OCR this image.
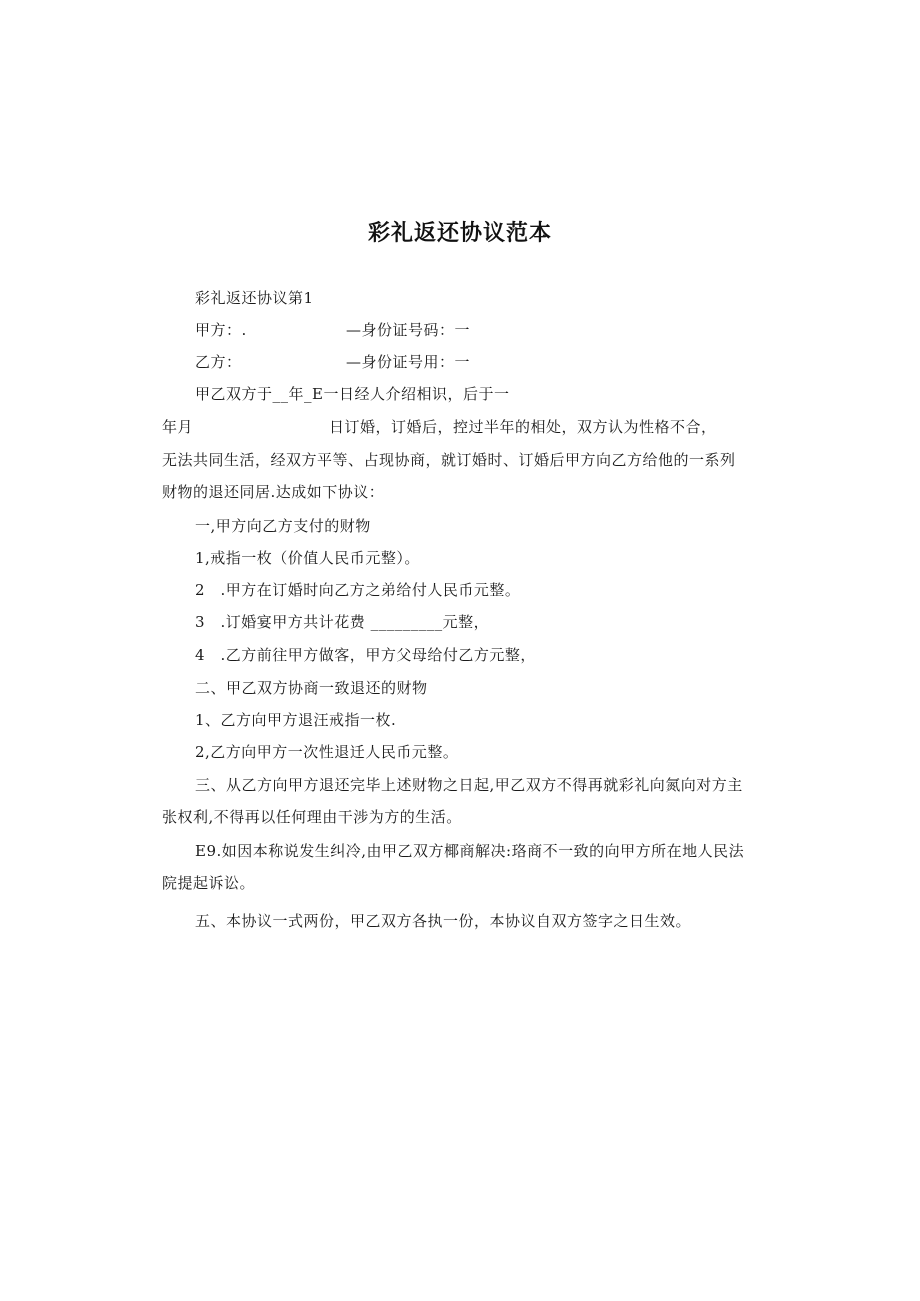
彩礼返还协议范本
彩礼返还协议第1
甲方：.	—身份证号码：一
乙方：	—身份证号用：一
甲乙双方于__年_E一日经人介绍相识，后于一
年月	日订婚，订婚后，控过半年的相处，双方认为性格不合，
无法共同生活，经双方平等、占现协商，就订婚时、订婚后甲方向乙方给他的一系列
财物的退还同居.达成如下协议：
一,甲方向乙方支付的财物
1,戒指一枚（价值人民币元整）。
2　.甲方在订婚时向乙方之弟给付人民币元整。
3　.订婚宴甲方共计花费 _________元整，
4　.乙方前往甲方做客，甲方父母给付乙方元整，
二、甲乙双方协商一致退还的财物
1、乙方向甲方退汪戒指一枚.
2,乙方向甲方一次性退迁人民币元整。
三、从乙方向甲方退还完毕上述财物之日起,甲乙双方不得再就彩礼向氮向对方主
张权利,不得再以任何理由干涉为方的生活。
E9.如因本称说发生纠冷,由甲乙双方椰商解决:珞商不一致的向甲方所在地人民法
院提起诉讼。
五、本协议一式两份，甲乙双方各执一份，本协议自双方签字之日生效。
